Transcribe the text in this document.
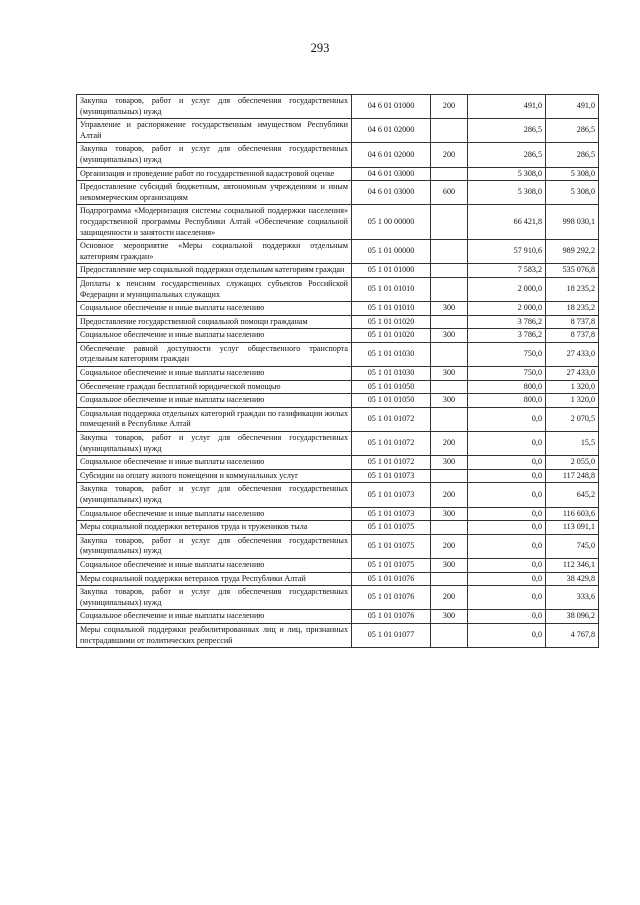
293
Закупка товаров, работ и услуг для обеспечения государственных (муниципальных) нужд	04 6 01 01000	200	491,0	491,0
Управление и распоряжение государственным имуществом Республики Алтай	04 6 01 02000		286,5	286,5
Закупка товаров, работ и услуг для обеспечения государственных (муниципальных) нужд	04 6 01 02000	200	286,5	286,5
Организация и проведение работ по государственной кадастровой оценке	04 6 01 03000		5 308,0	5 308,0
Предоставление субсидий бюджетным, автономным учреждениям и иным некоммерческим организациям	04 6 01 03000	600	5 308,0	5 308,0
Подпрограмма «Модернизация системы социальной поддержки населения» государственной программы Республики Алтай «Обеспечение социальной защищенности и занятости населения»	05 1 00 00000		66 421,8	998 030,1
Основное мероприятие «Меры социальной поддержки отдельным категориям граждан»	05 1 01 00000		57 910,6	989 292,2
Предоставление мер социальной поддержки отдельным категориям граждан	05 1 01 01000		7 583,2	535 076,8
Доплаты к пенсиям государственных служащих субъектов Российской Федерации и муниципальных служащих	05 1 01 01010		2 000,0	18 235,2
Социальное обеспечение и иные выплаты населению	05 1 01 01010	300	2 000,0	18 235,2
Предоставление государственной социальной помощи гражданам	05 1 01 01020		3 786,2	8 737,8
Социальное обеспечение и иные выплаты населению	05 1 01 01020	300	3 786,2	8 737,8
Обеспечение равной доступности услуг общественного транспорта отдельным категориям граждан	05 1 01 01030		750,0	27 433,0
Социальное обеспечение и иные выплаты населению	05 1 01 01030	300	750,0	27 433,0
Обеспечение граждан бесплатной юридической помощью	05 1 01 01050		800,0	1 320,0
Социальное обеспечение и иные выплаты населению	05 1 01 01050	300	800,0	1 320,0
Социальная поддержка отдельных категорий граждан по газификации жилых помещений в Республике Алтай	05 1 01 01072		0,0	2 070,5
Закупка товаров, работ и услуг для обеспечения государственных (муниципальных) нужд	05 1 01 01072	200	0,0	15,5
Социальное обеспечение и иные выплаты населению	05 1 01 01072	300	0,0	2 055,0
Субсидии на оплату жилого помещения и коммунальных услуг	05 1 01 01073		0,0	117 248,8
Закупка товаров, работ и услуг для обеспечения государственных (муниципальных) нужд	05 1 01 01073	200	0,0	645,2
Социальное обеспечение и иные выплаты населению	05 1 01 01073	300	0,0	116 603,6
Меры социальной поддержки ветеранов труда и тружеников тыла	05 1 01 01075		0,0	113 091,1
Закупка товаров, работ и услуг для обеспечения государственных (муниципальных) нужд	05 1 01 01075	200	0,0	745,0
Социальное обеспечение и иные выплаты населению	05 1 01 01075	300	0,0	112 346,1
Меры социальной поддержки ветеранов труда Республики Алтай	05 1 01 01076		0,0	38 429,8
Закупка товаров, работ и услуг для обеспечения государственных (муниципальных) нужд	05 1 01 01076	200	0,0	333,6
Социальное обеспечение и иные выплаты населению	05 1 01 01076	300	0,0	38 096,2
Меры социальной поддержки реабилитированных лиц и лиц, признанных пострадавшими от политических репрессий	05 1 01 01077		0,0	4 767,8
